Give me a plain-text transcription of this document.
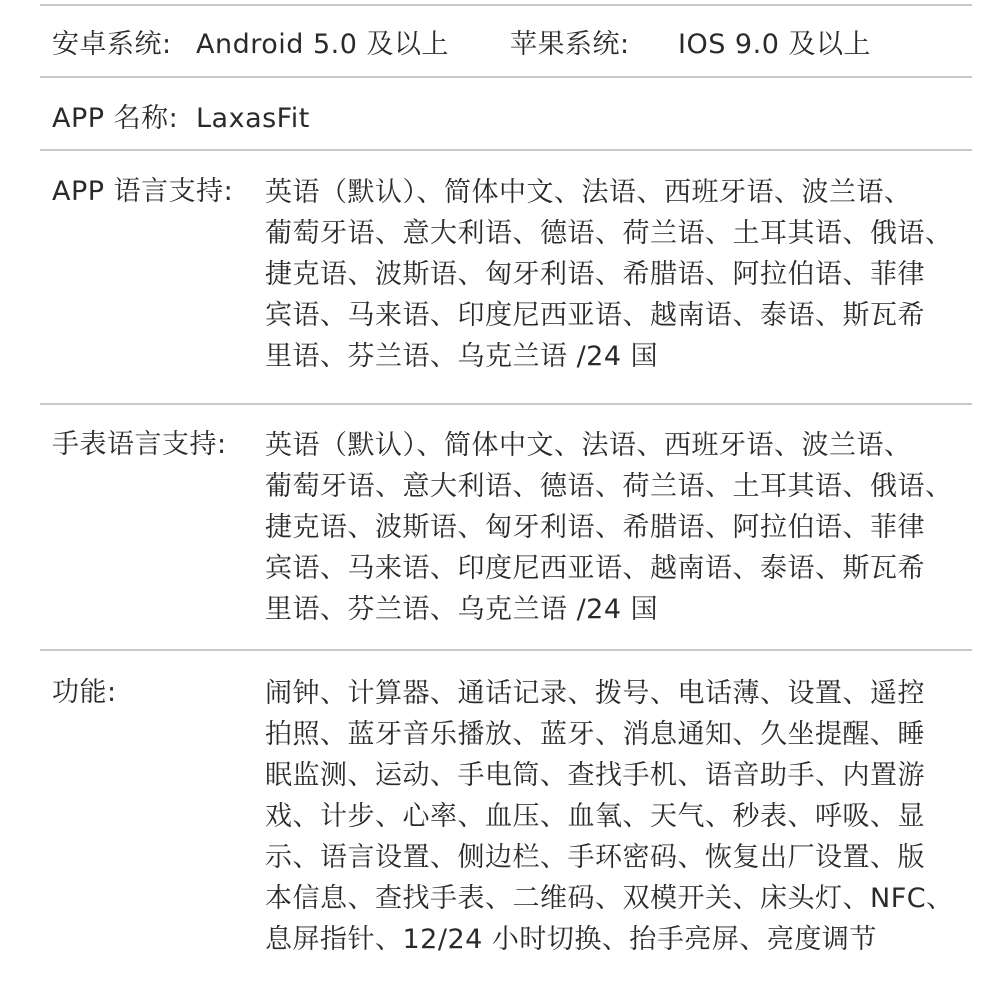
安卓系统: Android 5.0 及以上 苹果系统: IOS 9.0 及以上
APP 名称: LaxasFit
APP 语言支持: 英语（默认）、简体中文、法语、西班牙语、波兰语、
葡萄牙语、意大利语、德语、荷兰语、土耳其语、俄语、
捷克语、波斯语、匈牙利语、希腊语、阿拉伯语、菲律
宾语、马来语、印度尼西亚语、越南语、泰语、斯瓦希
里语、芬兰语、乌克兰语 /24 国
手表语言支持: 英语（默认）、简体中文、法语、西班牙语、波兰语、
葡萄牙语、意大利语、德语、荷兰语、土耳其语、俄语、
捷克语、波斯语、匈牙利语、希腊语、阿拉伯语、菲律
宾语、马来语、印度尼西亚语、越南语、泰语、斯瓦希
里语、芬兰语、乌克兰语 /24 国
功能:	闹钟、计算器、通话记录、拨号、电话薄、设置、遥控
拍照、蓝牙音乐播放、蓝牙、消息通知、久坐提醒、睡
眠监测、运动、手电筒、查找手机、语音助手、内置游
戏、计步、心率、血压、血氧、天气、秒表、呼吸、显
示、语言设置、侧边栏、手环密码、恢复出厂设置、版
本信息、查找手表、二维码、双模开关、床头灯、NFC、
息屏指针、12/24 小时切换、抬手亮屏、亮度调节
